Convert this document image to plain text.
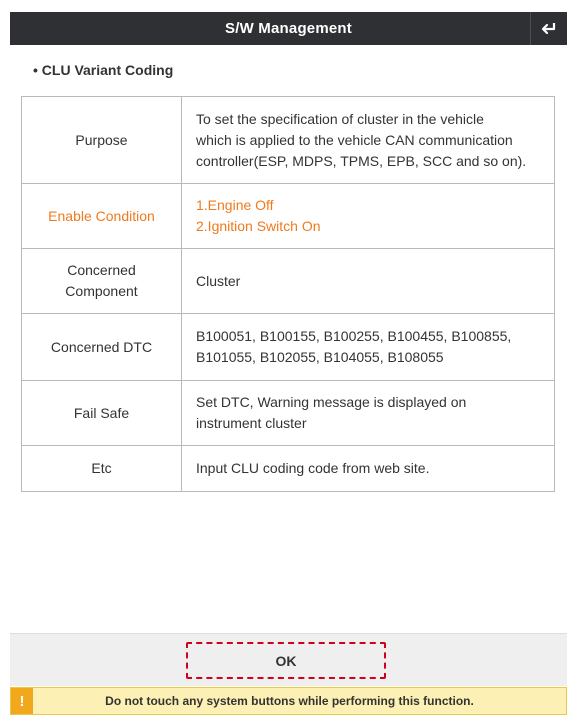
S/W Management
• CLU Variant Coding
Purpose	To set the specification of cluster in the vehicle
which is applied to the vehicle CAN communication
controller(ESP, MDPS, TPMS, EPB, SCC and so on).

Enable Condition	1.Engine Off
2.Ignition Switch On

Concerned
Component	Cluster
Concerned DTC	B100051, B100155, B100255, B100455, B100855,
B101055, B102055, B104055, B108055

Fail Safe	Set DTC, Warning message is displayed on
instrument cluster

Etc	Input CLU coding code from web site.
OK
!	Do not touch any system buttons while performing this function.
